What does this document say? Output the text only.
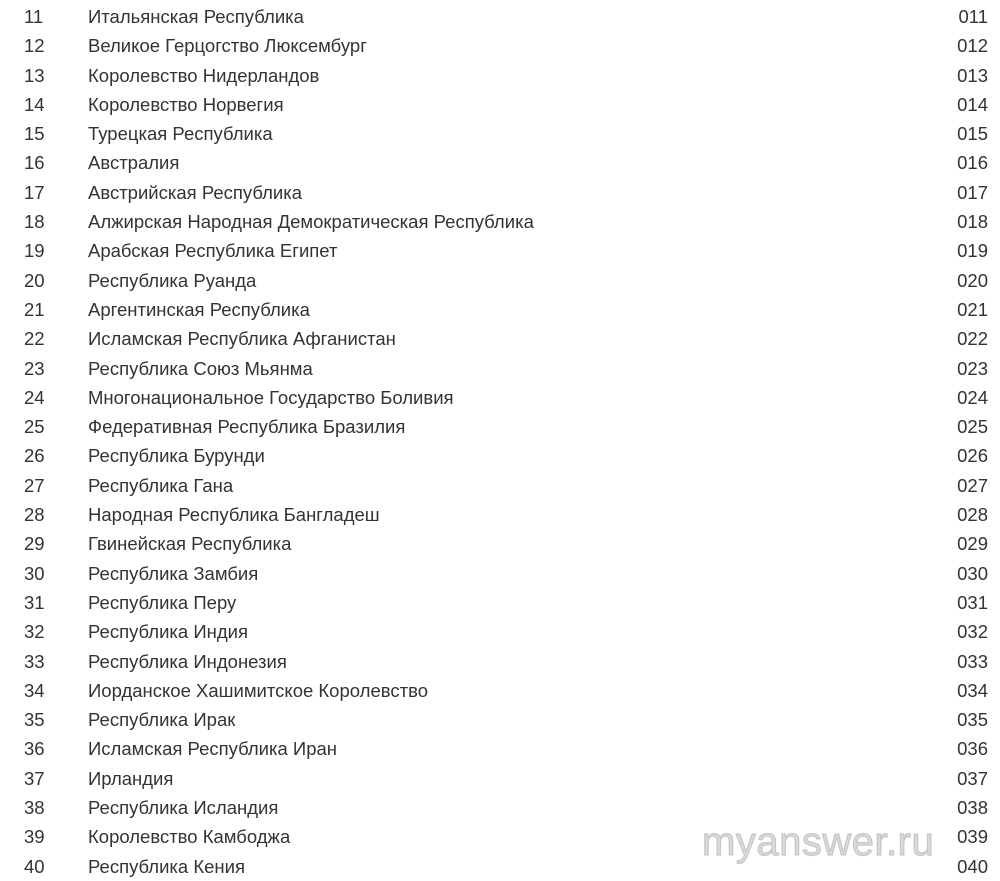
11 Итальянская Республика	011
12 Великое Герцогство Люксембург	012
13 Королевство Нидерландов	013
14 Королевство Норвегия	014
15 Турецкая Республика	015
16 Австралия	016
17 Австрийская Республика	017
18 Алжирская Народная Демократическая Республика	018
19 Арабская Республика Египет	019
20 Республика Руанда	020
21 Аргентинская Республика	021
22 Исламская Республика Афганистан	022
23 Республика Союз Мьянма	023
24 Многонациональное Государство Боливия	024
25 Федеративная Республика Бразилия	025
26 Республика Бурунди	026
27 Республика Гана	027
28 Народная Республика Бангладеш	028
29 Гвинейская Республика	029
30 Республика Замбия	030
31 Республика Перу	031
32 Республика Индия	032
33 Республика Индонезия	033
34 Иорданское Хашимитское Королевство	034
35 Республика Ирак	035
36 Исламская Республика Иран	036
37 Ирландия	037
38 Республика Исландия	038
39 Королевство Камбоджа	039
40 Республика Кения	040
myanswer.ru
